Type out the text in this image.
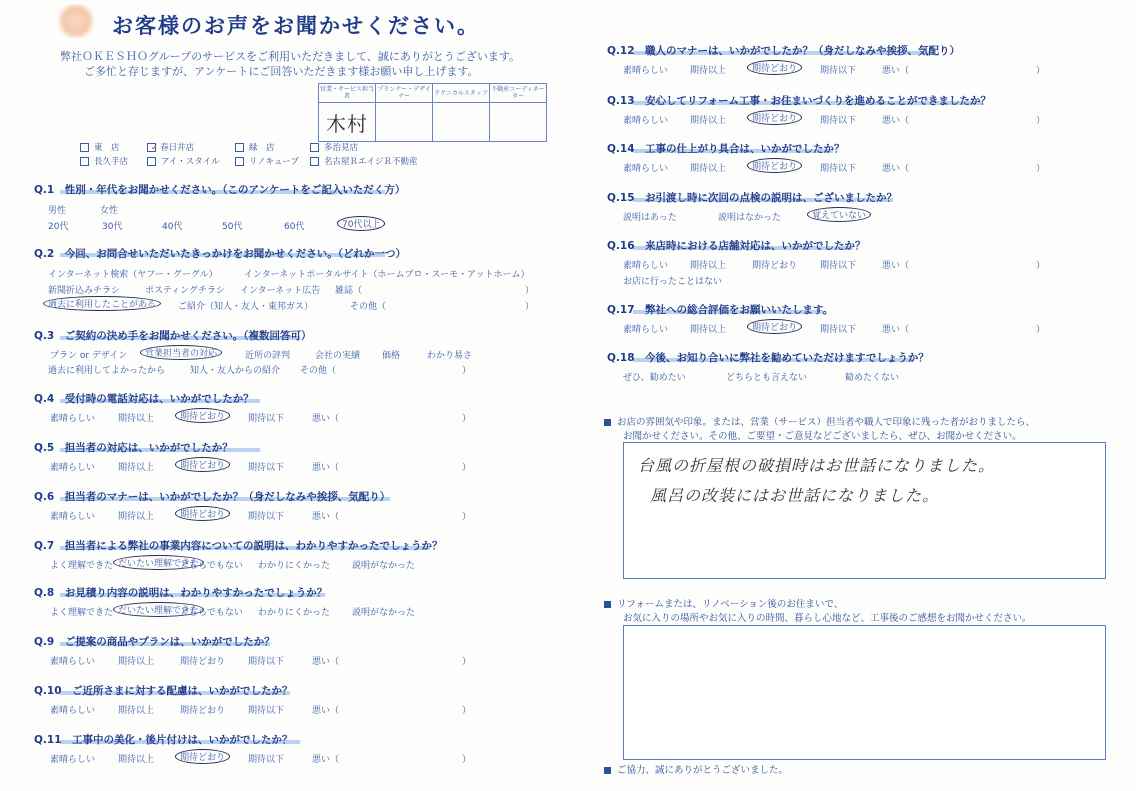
お客様のお声をお聞かせください。
弊社ＯＫＥＳＨＯグループのサービスをご利用いただきまして、誠にありがとうございます。
ご多忙と存じますが、アンケートにご回答いただきます様お願い申し上げます。
営業・サービス担当者	プランナー・デザイナー	テクニカルスタッフ	不動産コーディネーター
木村			
東　店	✓ 春日井店	緑　店	多治見店
長久手店	アイ・スタイル	リノキューブ	名古屋ＲエイジＲ不動産
Q.1　 性別・年代をお聞かせください。（このアンケートをご記入いただく方）
男性	女性
20代	30代	40代	50代	60代	70代以上
Q.2　 今回、お問合せいただいたきっかけをお聞かせください。（どれか一つ）
インターネット検索（ヤフー・グーグル）	インターネットポータルサイト（ホームプロ・スーモ・アットホーム）
新聞折込みチラシ	ポスティングチラシ インターネット広告 雑誌（	）
過去に利用したことがある	ご紹介（知人・友人・東邦ガス）	その他（	）
Q.3　 ご契約の決め手をお聞かせください。（複数回答可）
プラン or デザイン	営業担当者の対応	近所の評判	会社の実績 価格	わかり易さ
過去に利用してよかったから	知人・友人からの紹介 その他（	）
Q.4　 受付時の電話対応は、いかがでしたか？
素晴らしい	期待以上	期待どおり	期待以下	悪い（	）
Q.5　 担当者の対応は、いかがでしたか？
素晴らしい	期待以上	期待どおり	期待以下	悪い（	）
Q.6　 担当者のマナーは、いかがでしたか？（身だしなみや挨拶、気配り）
素晴らしい	期待以上	期待どおり	期待以下	悪い（	）
Q.7　 担当者による弊社の事業内容についての説明は、わかりやすかったでしょうか？
よく理解できた だいたい理解できた
どちらでもない わかりにくかった 説明がなかった
Q.8　 お見積り内容の説明は、わかりやすかったでしょうか？
よく理解できた だいたい理解できた
どちらでもない わかりにくかった 説明がなかった
Q.9　 ご提案の商品やプランは、いかがでしたか？
素晴らしい	期待以上	期待どおり	期待以下	悪い（	）
Q.10　 ご近所さまに対する配慮は、いかがでしたか？
素晴らしい	期待以上	期待どおり	期待以下	悪い（	）
Q.11　 工事中の美化・後片付けは、いかがでしたか？
素晴らしい	期待以上	期待どおり	期待以下	悪い（	）
Q.12　 職人のマナーは、いかがでしたか？（身だしなみや挨拶、気配り）
素晴らしい 期待以上	期待どおり	期待以下	悪い（	）
Q.13　 安心してリフォーム工事・お住まいづくりを進めることができましたか？
素晴らしい 期待以上	期待どおり	期待以下	悪い（	）
Q.14　 工事の仕上がり具合は、いかがでしたか？
素晴らしい 期待以上	期待どおり	期待以下	悪い（	）
Q.15　 お引渡し時に次回の点検の説明は、ございましたか？
説明はあった	説明はなかった	覚えていない
Q.16　 来店時における店舗対応は、いかがでしたか？
素晴らしい 期待以上	期待どおり	期待以下	悪い（	）
お店に行ったことはない
Q.17　 弊社への総合評価をお願いいたします。
素晴らしい 期待以上	期待どおり	期待以下	悪い（	）
Q.18　 今後、お知り合いに弊社を勧めていただけますでしょうか？
ぜひ、勧めたい	どちらとも言えない	勧めたくない
お店の雰囲気や印象。または、営業（サービス）担当者や職人で印象に残った者がおりましたら、
お聞かせください。その他、ご要望・ご意見などございましたら、ぜひ、お聞かせください。
台風の折屋根の破損時はお世話になりました。
風呂の改装にはお世話になりました。
リフォームまたは、リノベーション後のお住まいで、
お気に入りの場所やお気に入りの時間、暮らし心地など、工事後のご感想をお聞かせください。
ご協力、誠にありがとうございました。
